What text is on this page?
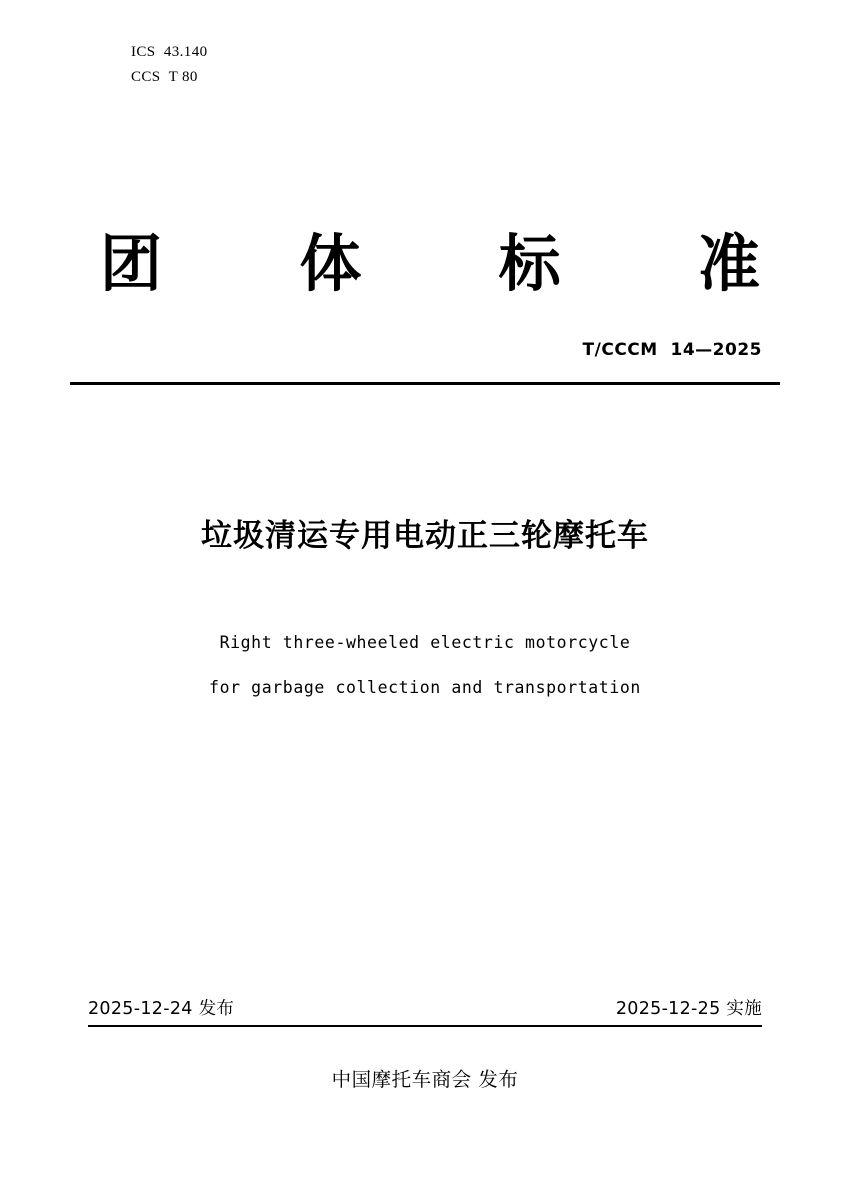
ICS  43.140
CCS  T 80
团 体 标 准
T/CCCM  14—2025
垃圾清运专用电动正三轮摩托车
Right three-wheeled electric motorcycle
for garbage collection and transportation
2025-12-24 发布	2025-12-25 实施
中国摩托车商会 发布
